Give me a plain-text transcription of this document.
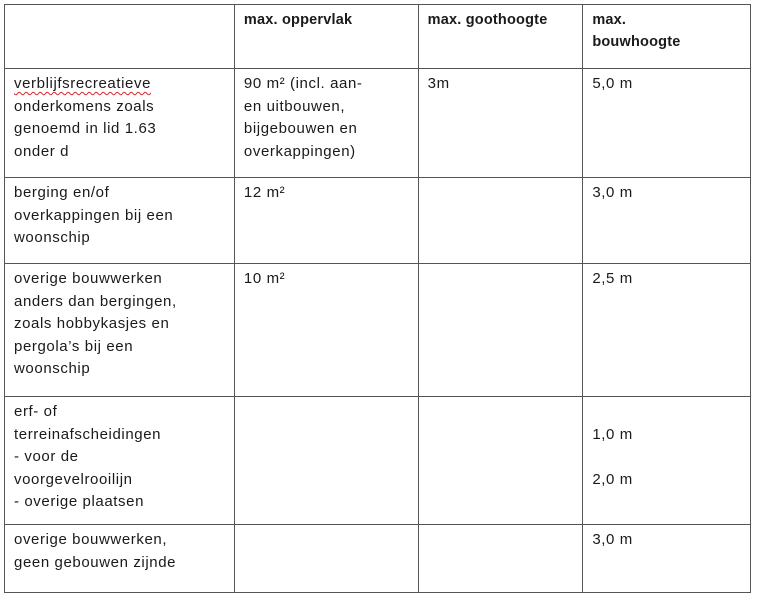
	max. oppervlak	max. goothoogte	max.
bouwhoogte

verblijfsrecreatieve
onderkomens zoals
genoemd in lid 1.63
onder d	90 m² (incl. aan-
en uitbouwen,
bijgebouwen en
overkappingen)	3m	5,0 m

berging en/of
overkappingen bij een
woonschip	12 m²		3,0 m

overige bouwwerken
anders dan bergingen,
zoals hobbykasjes en
pergola’s bij een
woonschip	10 m²		2,5 m

erf- of
terreinafscheidingen
- voor de
voorgevelrooilijn
- overige plaatsen			1,0 m
2,0 m

overige bouwwerken,
geen gebouwen zijnde			3,0 m
